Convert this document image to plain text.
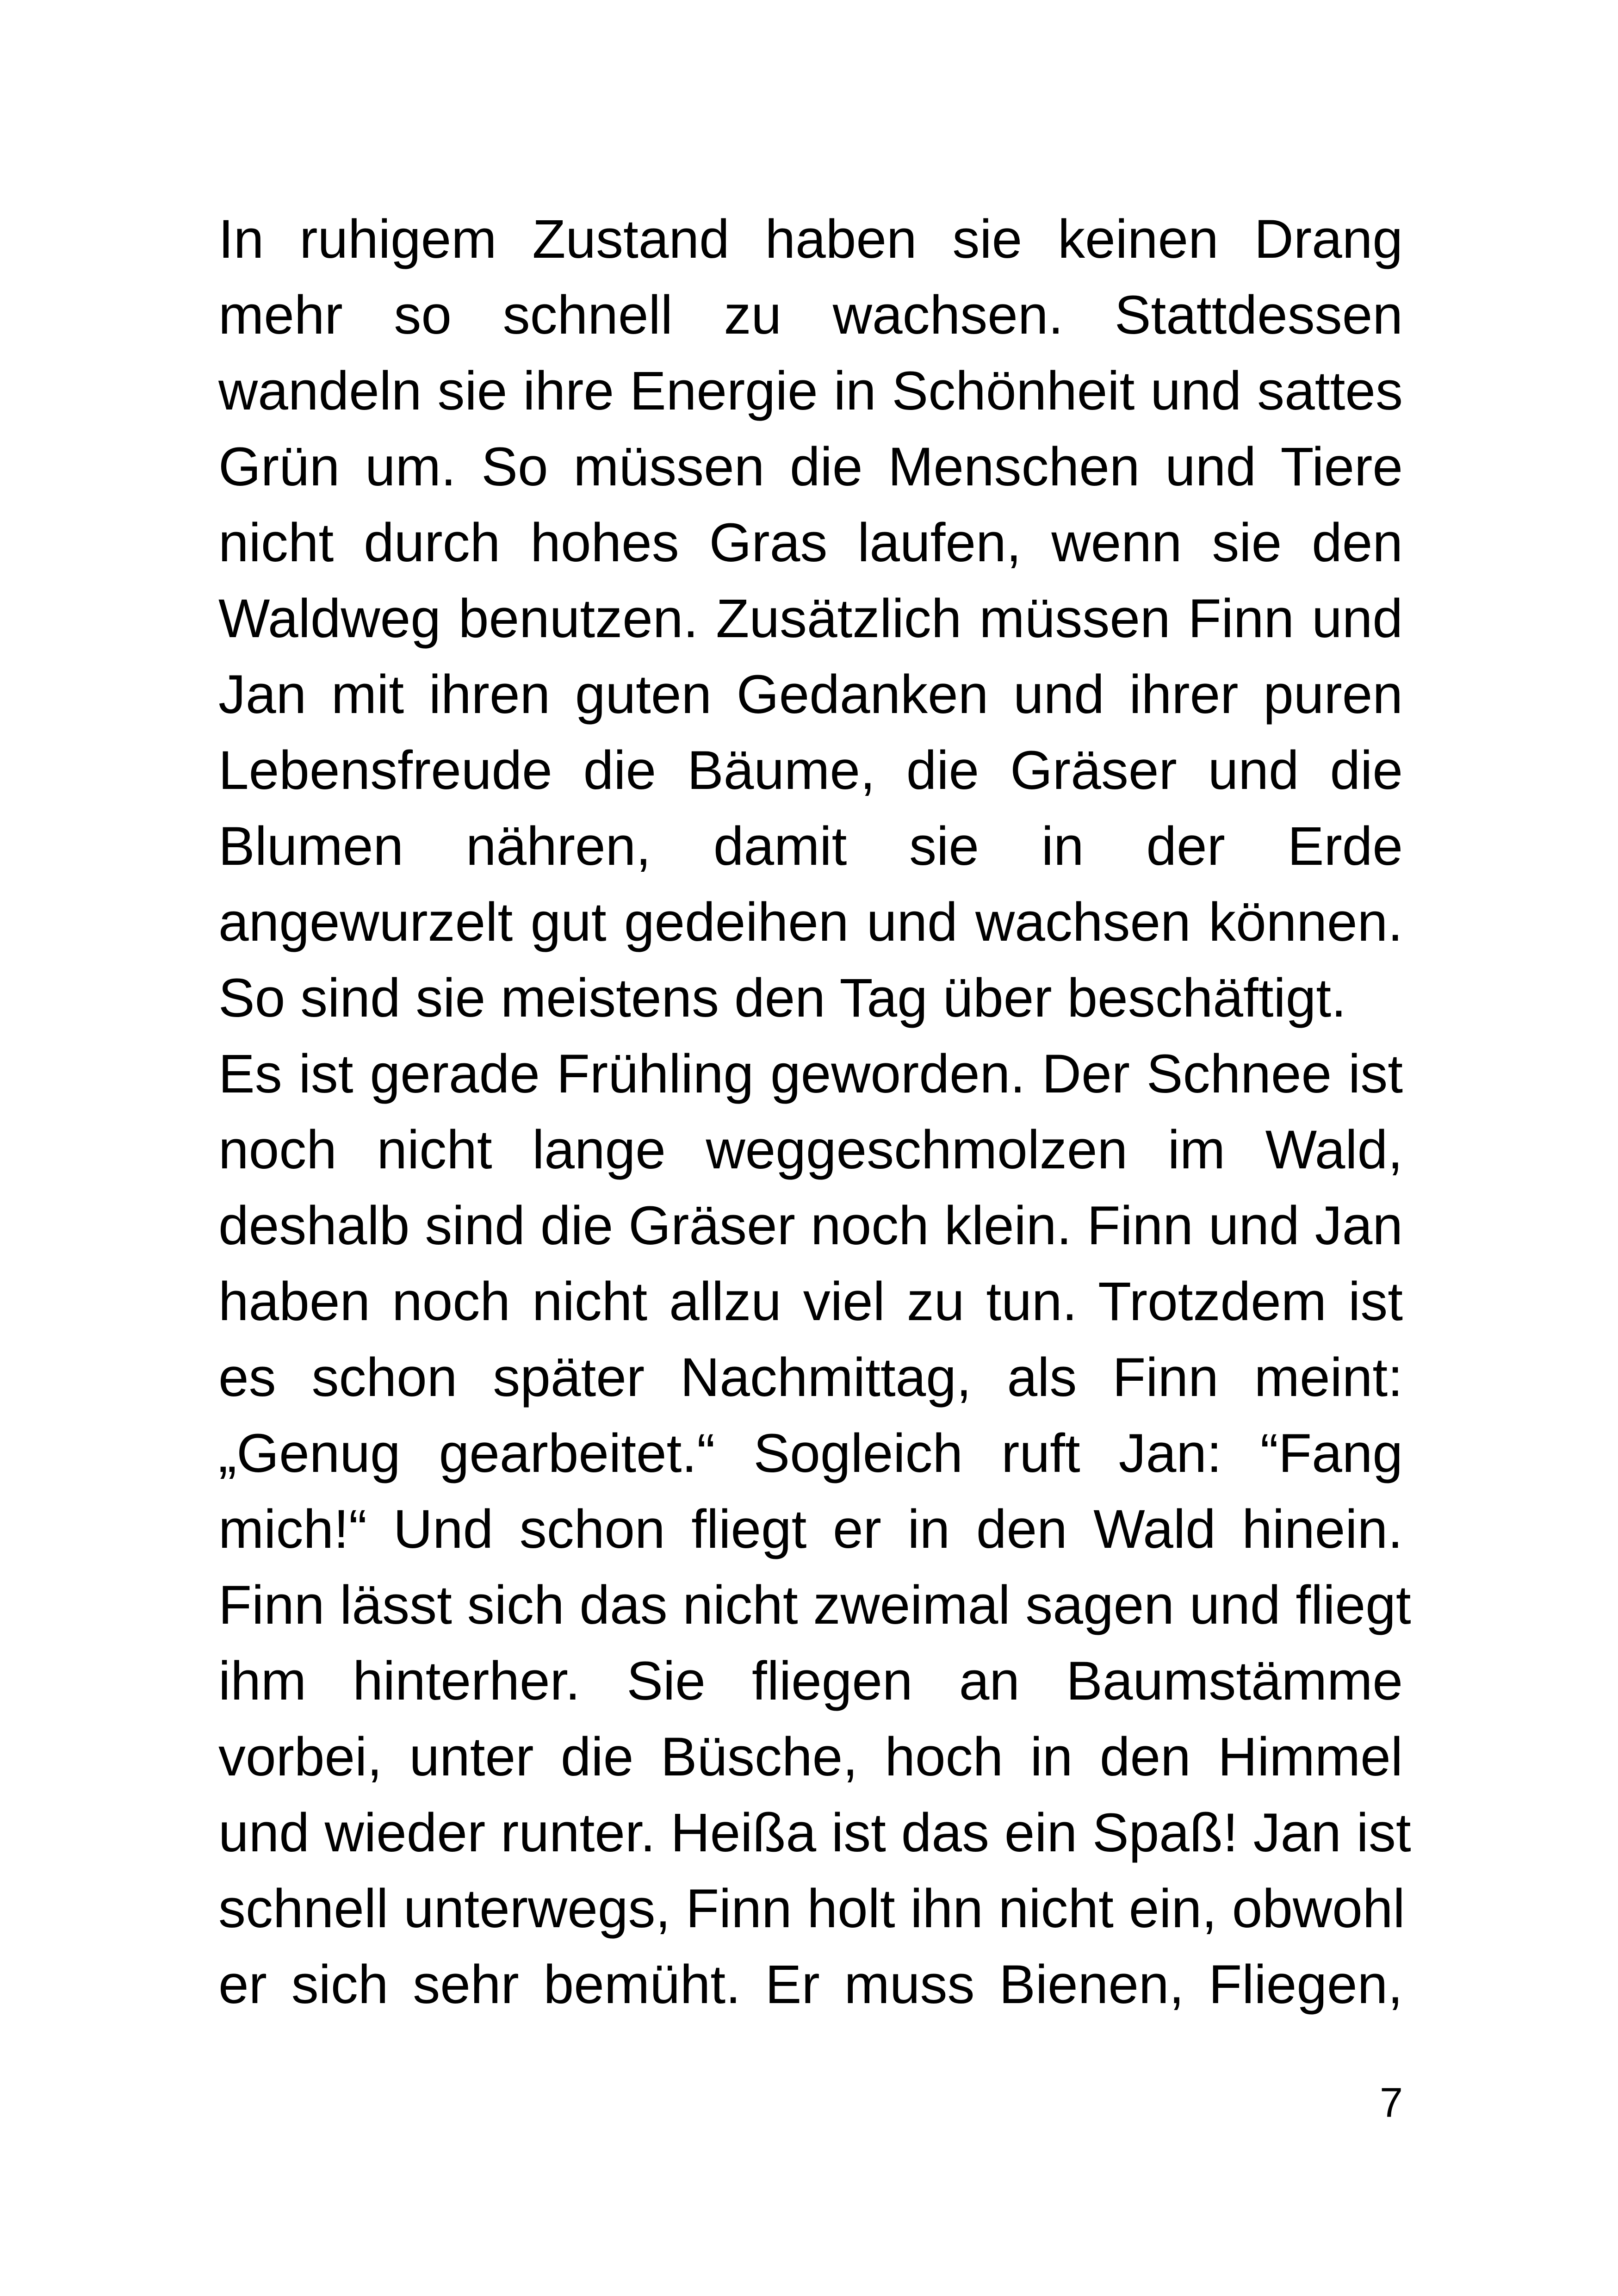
In ruhigem Zustand haben sie keinen Drang
mehr so schnell zu wachsen. Stattdessen
wandeln sie ihre Energie in Schönheit und sattes
Grün um. So müssen die Menschen und Tiere
nicht durch hohes Gras laufen, wenn sie den
Waldweg benutzen. Zusätzlich müssen Finn und
Jan mit ihren guten Gedanken und ihrer puren
Lebensfreude die Bäume, die Gräser und die
Blumen nähren, damit sie in der Erde
angewurzelt gut gedeihen und wachsen können.
So sind sie meistens den Tag über beschäftigt.
Es ist gerade Frühling geworden. Der Schnee ist
noch nicht lange weggeschmolzen im Wald,
deshalb sind die Gräser noch klein. Finn und Jan
haben noch nicht allzu viel zu tun. Trotzdem ist
es schon später Nachmittag, als Finn meint:
„Genug gearbeitet.“ Sogleich ruft Jan: “Fang
mich!“ Und schon fliegt er in den Wald hinein.
Finn lässt sich das nicht zweimal sagen und fliegt
ihm hinterher. Sie fliegen an Baumstämme
vorbei, unter die Büsche, hoch in den Himmel
und wieder runter. Heißa ist das ein Spaß! Jan ist
schnell unterwegs, Finn holt ihn nicht ein, obwohl
er sich sehr bemüht. Er muss Bienen, Fliegen,
7
